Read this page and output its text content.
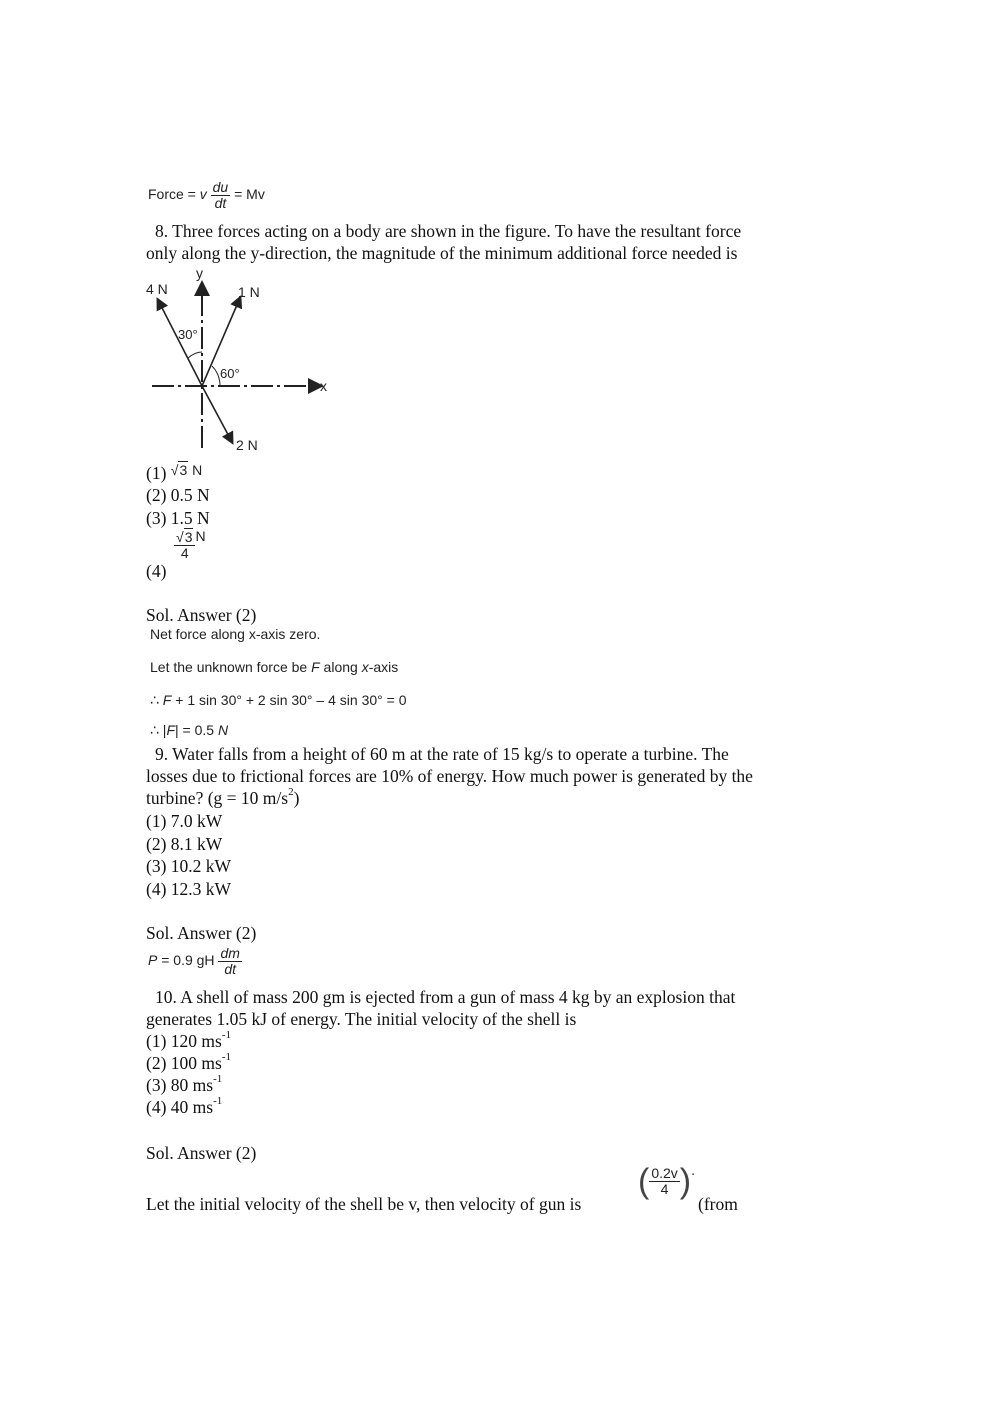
Force = v $\frac{du}{dt} = Mv$
8. Three forces acting on a body are shown in the figure. To have the resultant force
only along the y-direction, the magnitude of the minimum additional force needed is
y
x
4 N	1 N
2 N
30°
60°
(1) $^{√3 N}$
(2) 0.5 N
(3) 1.5 N
(4)
$\frac{√3}{4}$ N
Sol. Answer (2)
Net force along x-axis zero.
Let the unknown force be F along x-axis
∴ F + 1 sin 30° + 2 sin 30° – 4 sin 30° = 0
∴ |F| = 0.5 N
9. Water falls from a height of 60 m at the rate of 15 kg/s to operate a turbine. The
losses due to frictional forces are 10% of energy. How much power is generated by the
turbine? (g = 10 $m/s^2$)
(1) 7.0 kW
(2) 8.1 kW
(3) 10.2 kW
(4) 12.3 kW
Sol. Answer (2)
P = 0.9 gH $\frac{dm}{dt}$
10. A shell of mass 200 gm is ejected from a gun of mass 4 kg by an explosion that
generates 1.05 kJ of energy. The initial velocity of the shell is
(1) 120 $ms^{-1}$
(2) 100 $ms^{-1}$
(3) 80 $ms^{-1}$
(4) 40 $ms^{-1}$
Sol. Answer (2)
Let the initial velocity of the shell be v, then velocity of gun is
( $\frac{0.2v}{4}$ ).
(from
